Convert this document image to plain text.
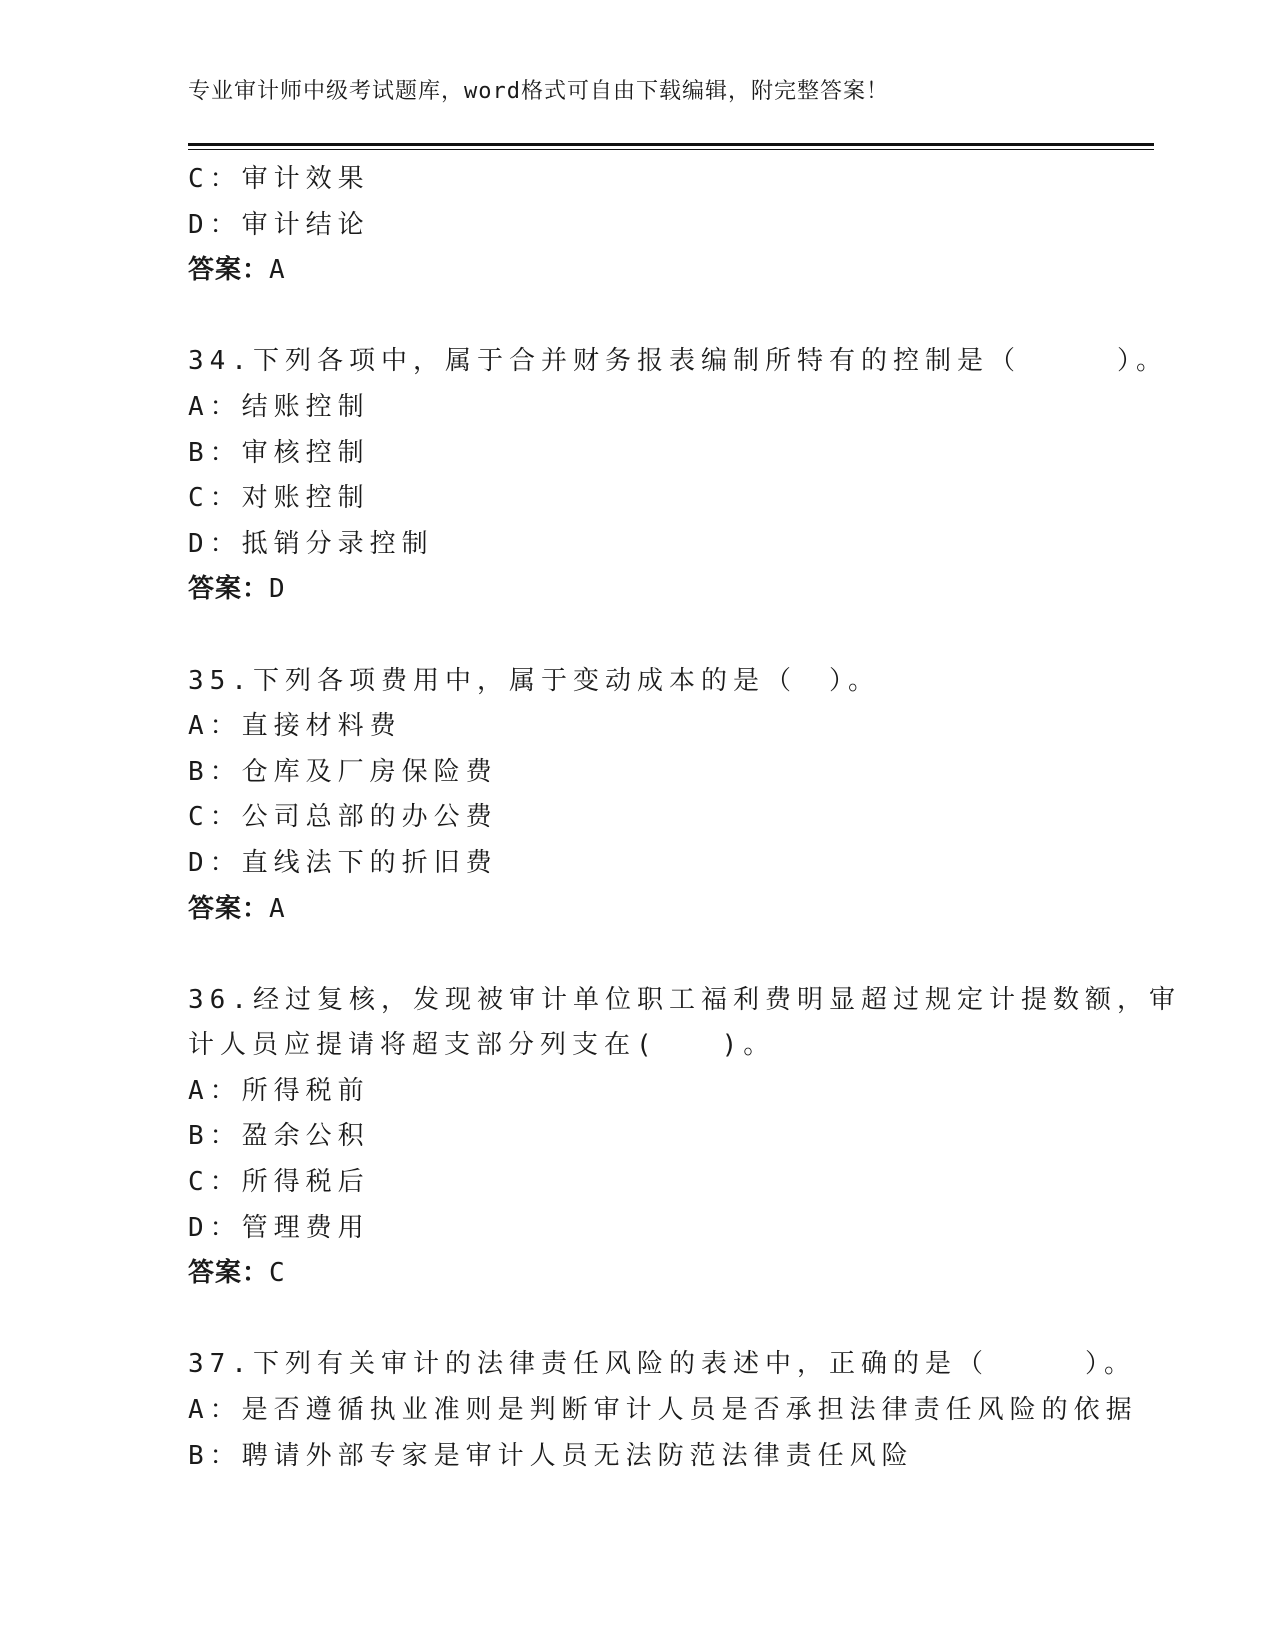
专业审计师中级考试题库，word格式可自由下载编辑，附完整答案！
C：审计效果
D：审计结论
答案：A
34.下列各项中，属于合并财务报表编制所特有的控制是（　　　）。
A：结账控制
B：审核控制
C：对账控制
D：抵销分录控制
答案：D
35.下列各项费用中，属于变动成本的是（　）。
A：直接材料费
B：仓库及厂房保险费
C：公司总部的办公费
D：直线法下的折旧费
答案：A
36.经过复核，发现被审计单位职工福利费明显超过规定计提数额，审
计人员应提请将超支部分列支在(　　)。
A：所得税前
B：盈余公积
C：所得税后
D：管理费用
答案：C
37.下列有关审计的法律责任风险的表述中，正确的是（　　　）。
A：是否遵循执业准则是判断审计人员是否承担法律责任风险的依据
B：聘请外部专家是审计人员无法防范法律责任风险
